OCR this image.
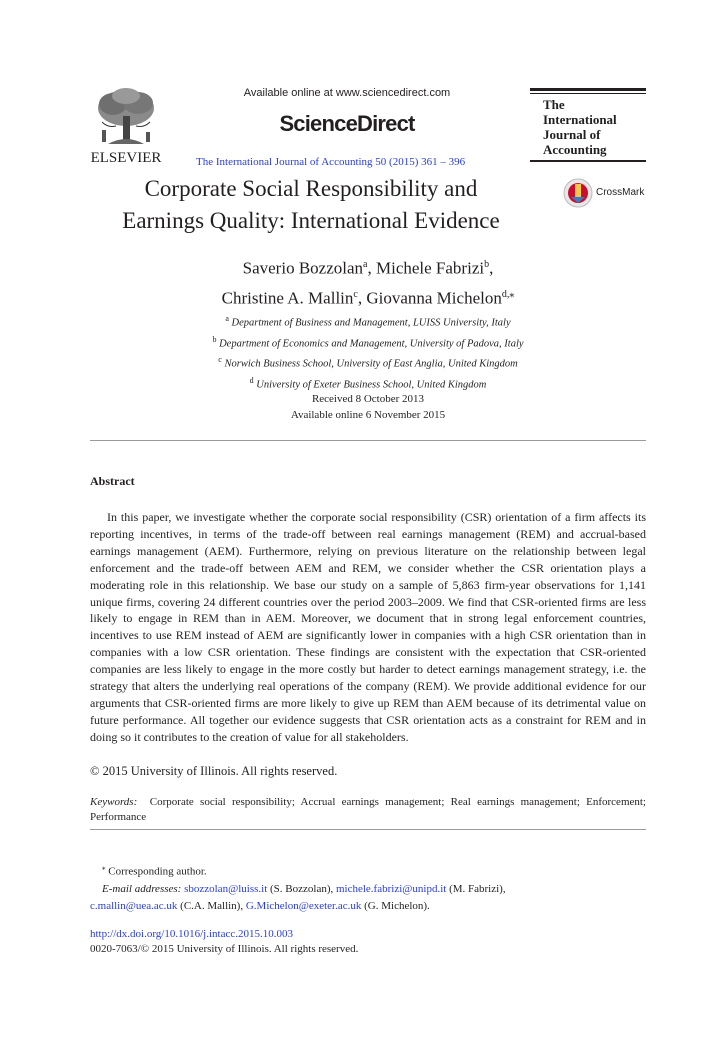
ELSEVIER
Available online at www.sciencedirect.com
ScienceDirect
The International Journal of Accounting 50 (2015) 361 – 396
The
International
Journal of
Accounting
Corporate Social Responsibility and
Earnings Quality: International Evidence
CrossMark
Saverio Bozzolan$^a$, Michele Fabrizi$^b$,
Christine A. Mallin$^c$, Giovanna Michelon$^{d,⁎}$
$^a$ Department of Business and Management, LUISS University, Italy
$^b$ Department of Economics and Management, University of Padova, Italy
$^c$ Norwich Business School, University of East Anglia, United Kingdom
$^d$ University of Exeter Business School, United Kingdom
Received 8 October 2013
Available online 6 November 2015
Abstract

In this paper, we investigate whether the corporate social responsibility (CSR) orientation of a firm affects its reporting incentives, in terms of the trade-off between real earnings management (REM) and accrual-based earnings management (AEM). Furthermore, relying on previous literature on the relationship between legal enforcement and the trade-off between AEM and REM, we consider whether the CSR orientation plays a moderating role in this relationship. We base our study on a sample of 5,863 firm-year observations for 1,141 unique firms, covering 24 different countries over the period 2003–2009. We find that CSR-oriented firms are less likely to engage in REM than in AEM. Moreover, we document that in strong legal enforcement countries, incentives to use REM instead of AEM are significantly lower in companies with a high CSR orientation than in companies with a low CSR orientation. These findings are consistent with the expectation that CSR-oriented companies are less likely to engage in the more costly but harder to detect earnings management strategy, i.e. the strategy that alters the underlying real operations of the company (REM). We provide additional evidence for our arguments that CSR-oriented firms are more likely to give up REM than AEM because of its detrimental value on future performance. All together our evidence suggests that CSR orientation acts as a constraint for REM and in doing so it contributes to the creation of value for all stakeholders.

© 2015 University of Illinois. All rights reserved.
Keywords: Corporate social responsibility; Accrual earnings management; Real earnings management; Enforcement; Performance
⁎ Corresponding author.
E-mail addresses: sbozzolan@luiss.it (S. Bozzolan), michele.fabrizi@unipd.it (M. Fabrizi),
c.mallin@uea.ac.uk (C.A. Mallin), G.Michelon@exeter.ac.uk (G. Michelon).
http://dx.doi.org/10.1016/j.intacc.2015.10.003
0020-7063/© 2015 University of Illinois. All rights reserved.
